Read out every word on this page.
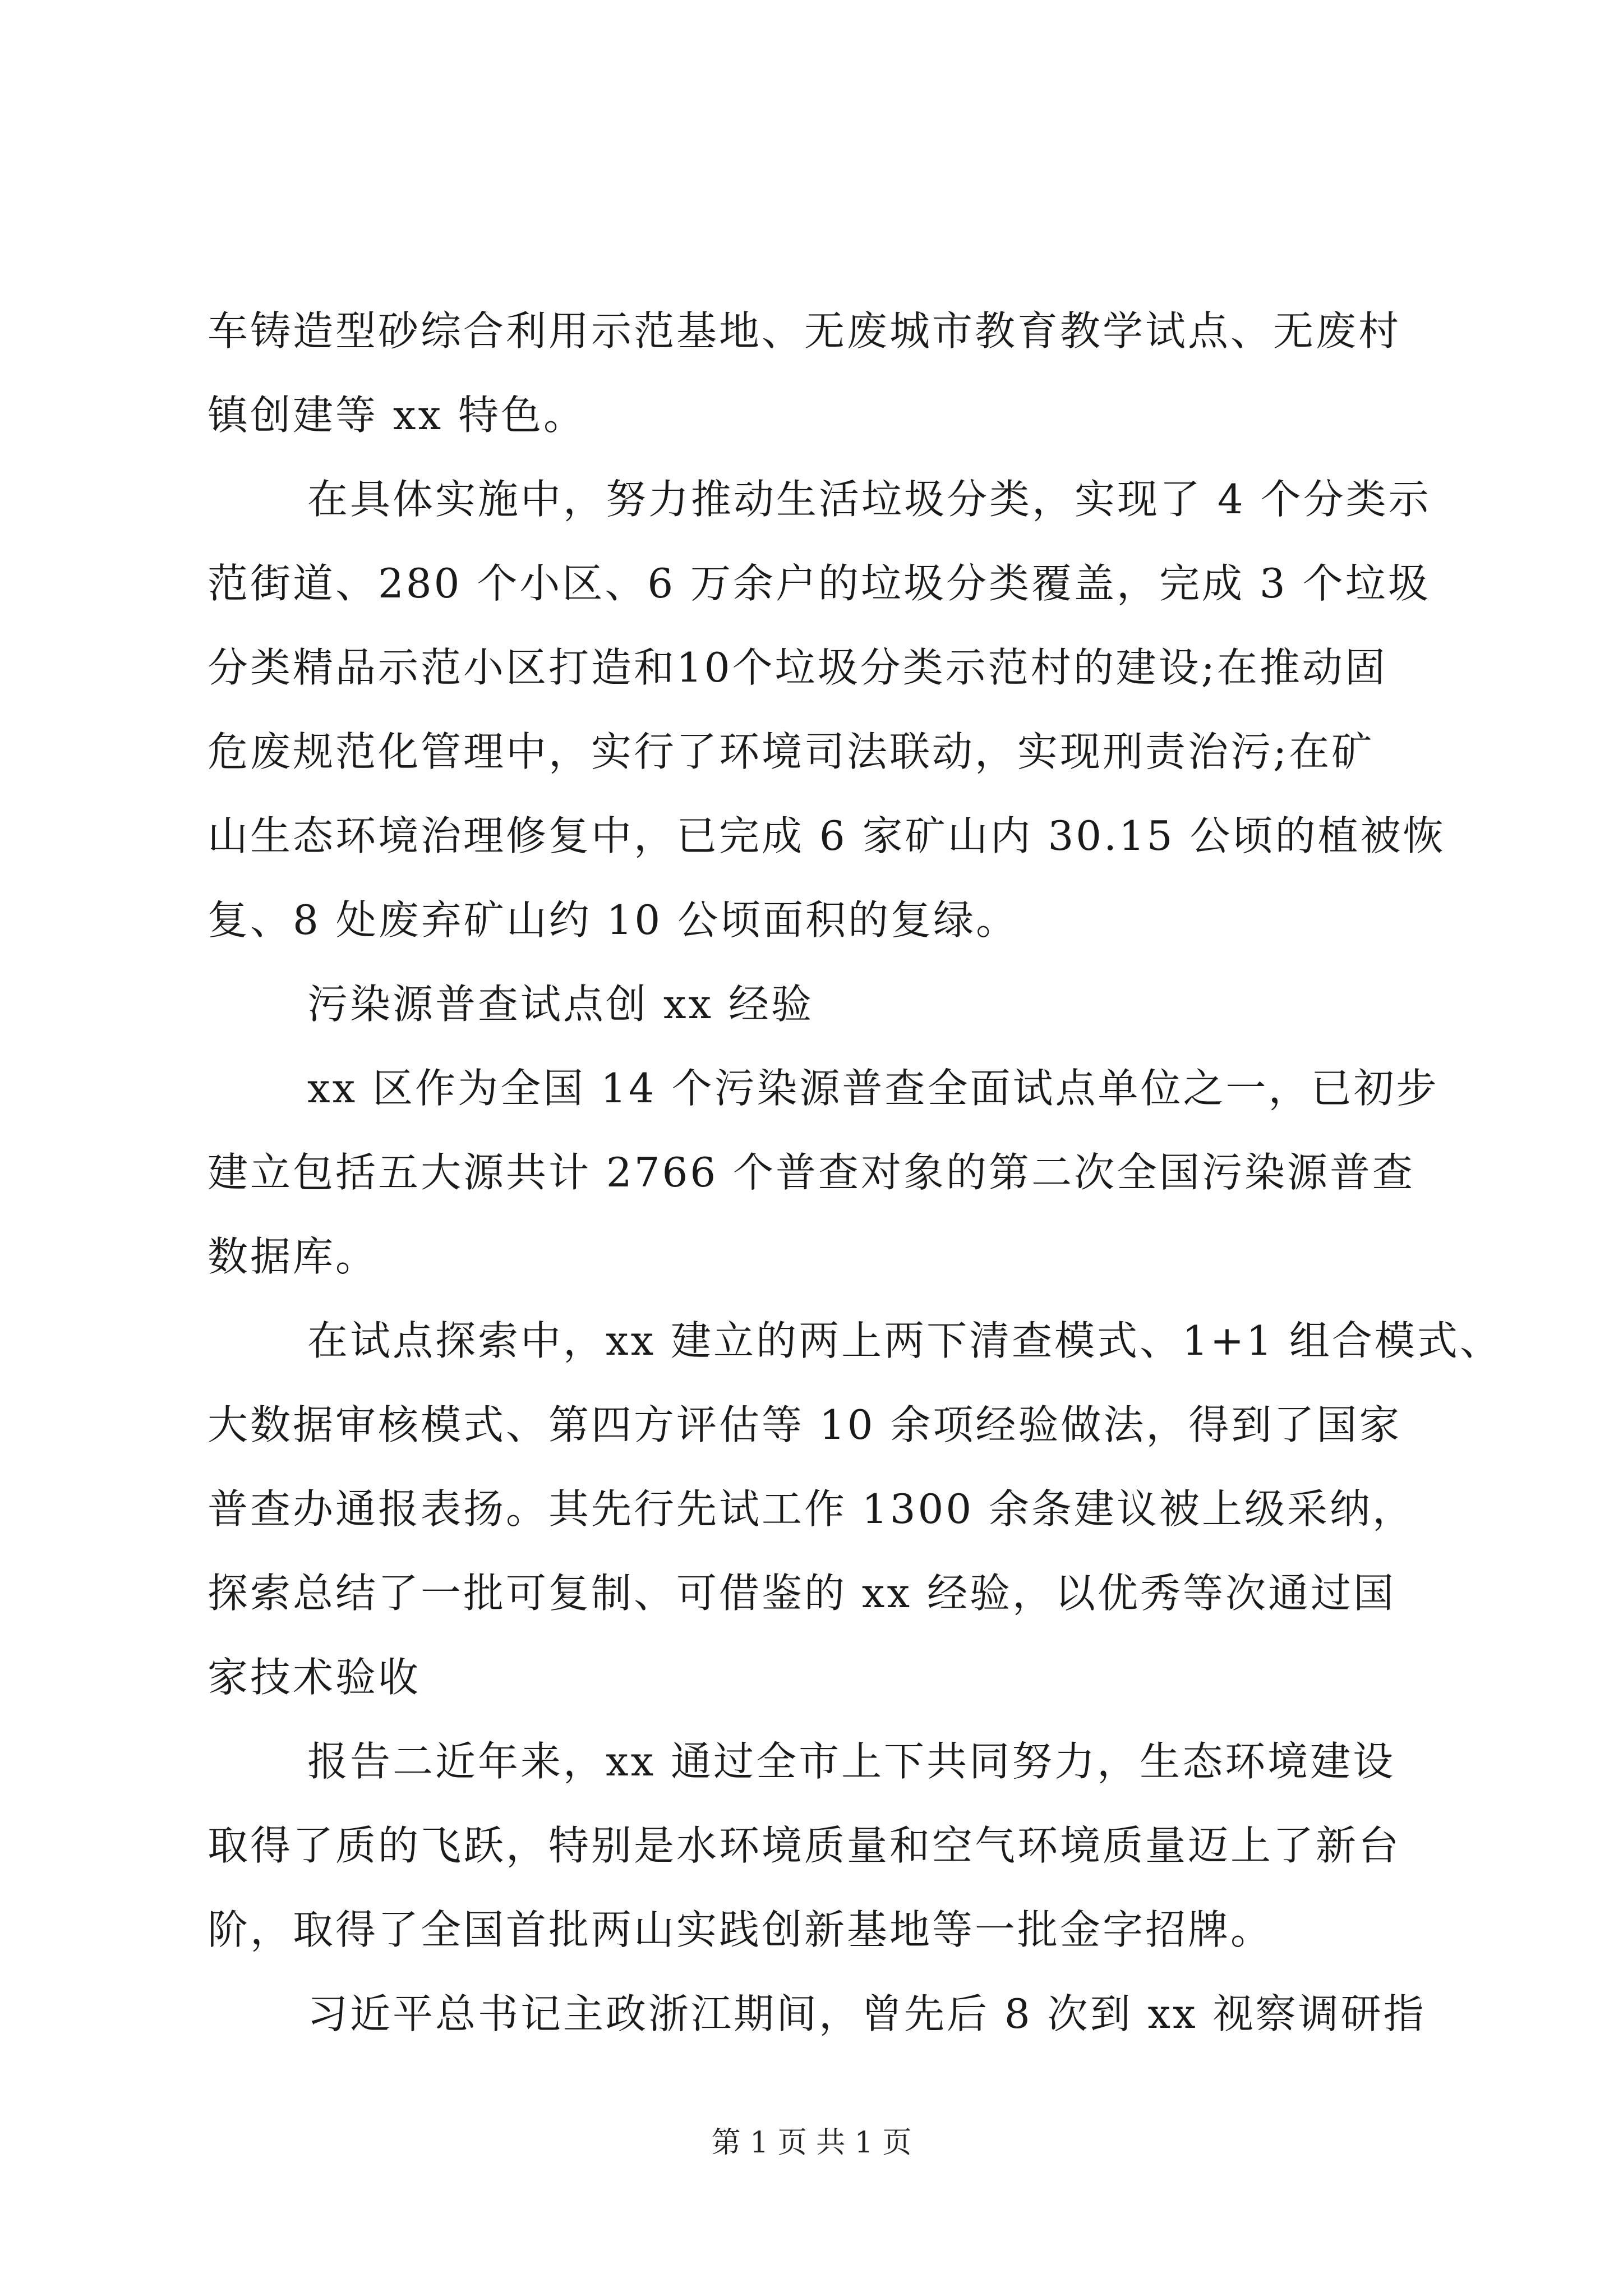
车铸造型砂综合利用示范基地、无废城市教育教学试点、无废村
镇创建等 xx 特色。
在具体实施中，努力推动生活垃圾分类，实现了 4 个分类示
范街道、280 个小区、6 万余户的垃圾分类覆盖，完成 3 个垃圾
分类精品示范小区打造和10个垃圾分类示范村的建设;在推动固
危废规范化管理中，实行了环境司法联动，实现刑责治污;在矿
山生态环境治理修复中，已完成 6 家矿山内 30.15 公顷的植被恢
复、8 处废弃矿山约 10 公顷面积的复绿。
污染源普查试点创 xx 经验
xx 区作为全国 14 个污染源普查全面试点单位之一，已初步
建立包括五大源共计 2766 个普查对象的第二次全国污染源普查
数据库。
在试点探索中，xx 建立的两上两下清查模式、1+1 组合模式、
大数据审核模式、第四方评估等 10 余项经验做法，得到了国家
普查办通报表扬。其先行先试工作 1300 余条建议被上级采纳，
探索总结了一批可复制、可借鉴的 xx 经验，以优秀等次通过国
家技术验收
报告二近年来，xx 通过全市上下共同努力，生态环境建设
取得了质的飞跃，特别是水环境质量和空气环境质量迈上了新台
阶，取得了全国首批两山实践创新基地等一批金字招牌。
习近平总书记主政浙江期间，曾先后 8 次到 xx 视察调研指
第 1 页 共 1 页
